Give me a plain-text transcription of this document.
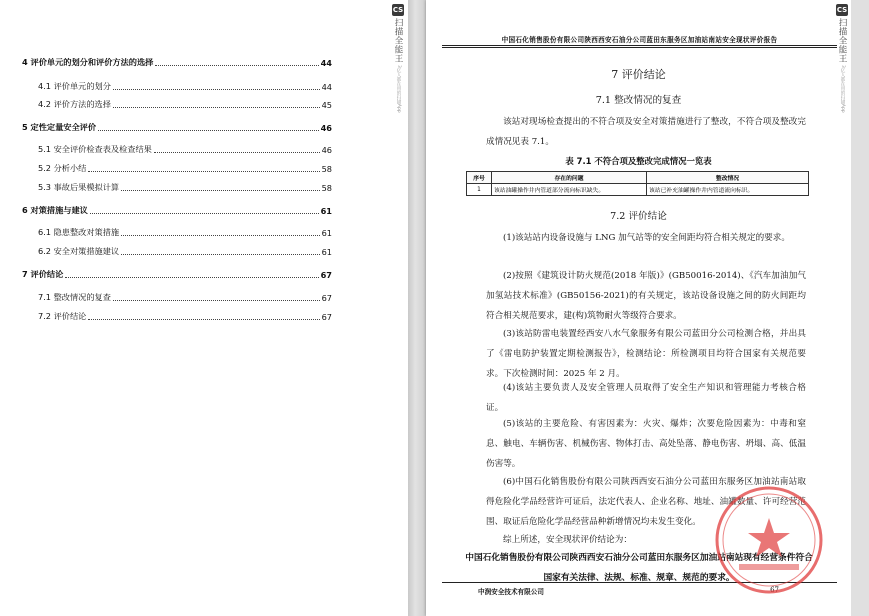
4 评价单元的划分和评价方法的选择	44
4.1 评价单元的划分	44
4.2 评价方法的选择	45
5 定性定量安全评价	46
5.1 安全评价检查表及检查结果	46
5.2 分析小结	58
5.3 事故后果模拟计算	58
6 对策措施与建议	61
6.1 隐患整改对策措施	61
6.2 安全对策措施建议	61
7 评价结论	67
7.1 整改情况的复查	67
7.2 评价结论	67
CS
扫描全能王
3亿人都在用的扫描App
中国石化销售股份有限公司陕西西安石油分公司蓝田东服务区加油站南站安全现状评价报告
7 评价结论
7.1 整改情况的复查
该站对现场检查提出的不符合项及安全对策措施进行了整改，不符合项及整改完成情况见表 7.1。
表 7.1 不符合项及整改完成情况一览表
序号	存在的问题	整改情况
1	该站油罐操作井内管道部分流向标识缺失。	该站已补充油罐操作井内管道流向标识。
7.2 评价结论
(1)该站站内设备设施与 LNG 加气站等的安全间距均符合相关规定的要求。
(2)按照《建筑设计防火规范(2018 年版)》(GB50016-2014)、《汽车加油加气加氢站技术标准》(GB50156-2021)的有关规定，该站设备设施之间的防火间距均符合相关规范要求，建(构)筑物耐火等级符合要求。
(3)该站防雷电装置经西安八水气象服务有限公司蓝田分公司检测合格，并出具了《雷电防护装置定期检测报告》，检测结论：所检测项目均符合国家有关规范要求。下次检测时间：2025 年 2 月。
(4)该站主要负责人及安全管理人员取得了安全生产知识和管理能力考核合格证。
(5)该站的主要危险、有害因素为：火灾、爆炸；次要危险因素为：中毒和窒息、触电、车辆伤害、机械伤害、物体打击、高处坠落、静电伤害、坍塌、高、低温伤害等。
(6)中国石化销售股份有限公司陕西西安石油分公司蓝田东服务区加油站南站取得危险化学品经营许可证后，法定代表人、企业名称、地址、油罐数量、许可经营范围、取证后危险化学品经营品种新增情况均未发生变化。
综上所述，安全现状评价结论为：
中国石化销售股份有限公司陕西西安石油分公司蓝田东服务区加油站南站现有经营条件符合国家有关法律、法规、标准、规章、规范的要求。
中润安全技术有限公司	67
CS
扫描全能王
3亿人都在用的扫描App
